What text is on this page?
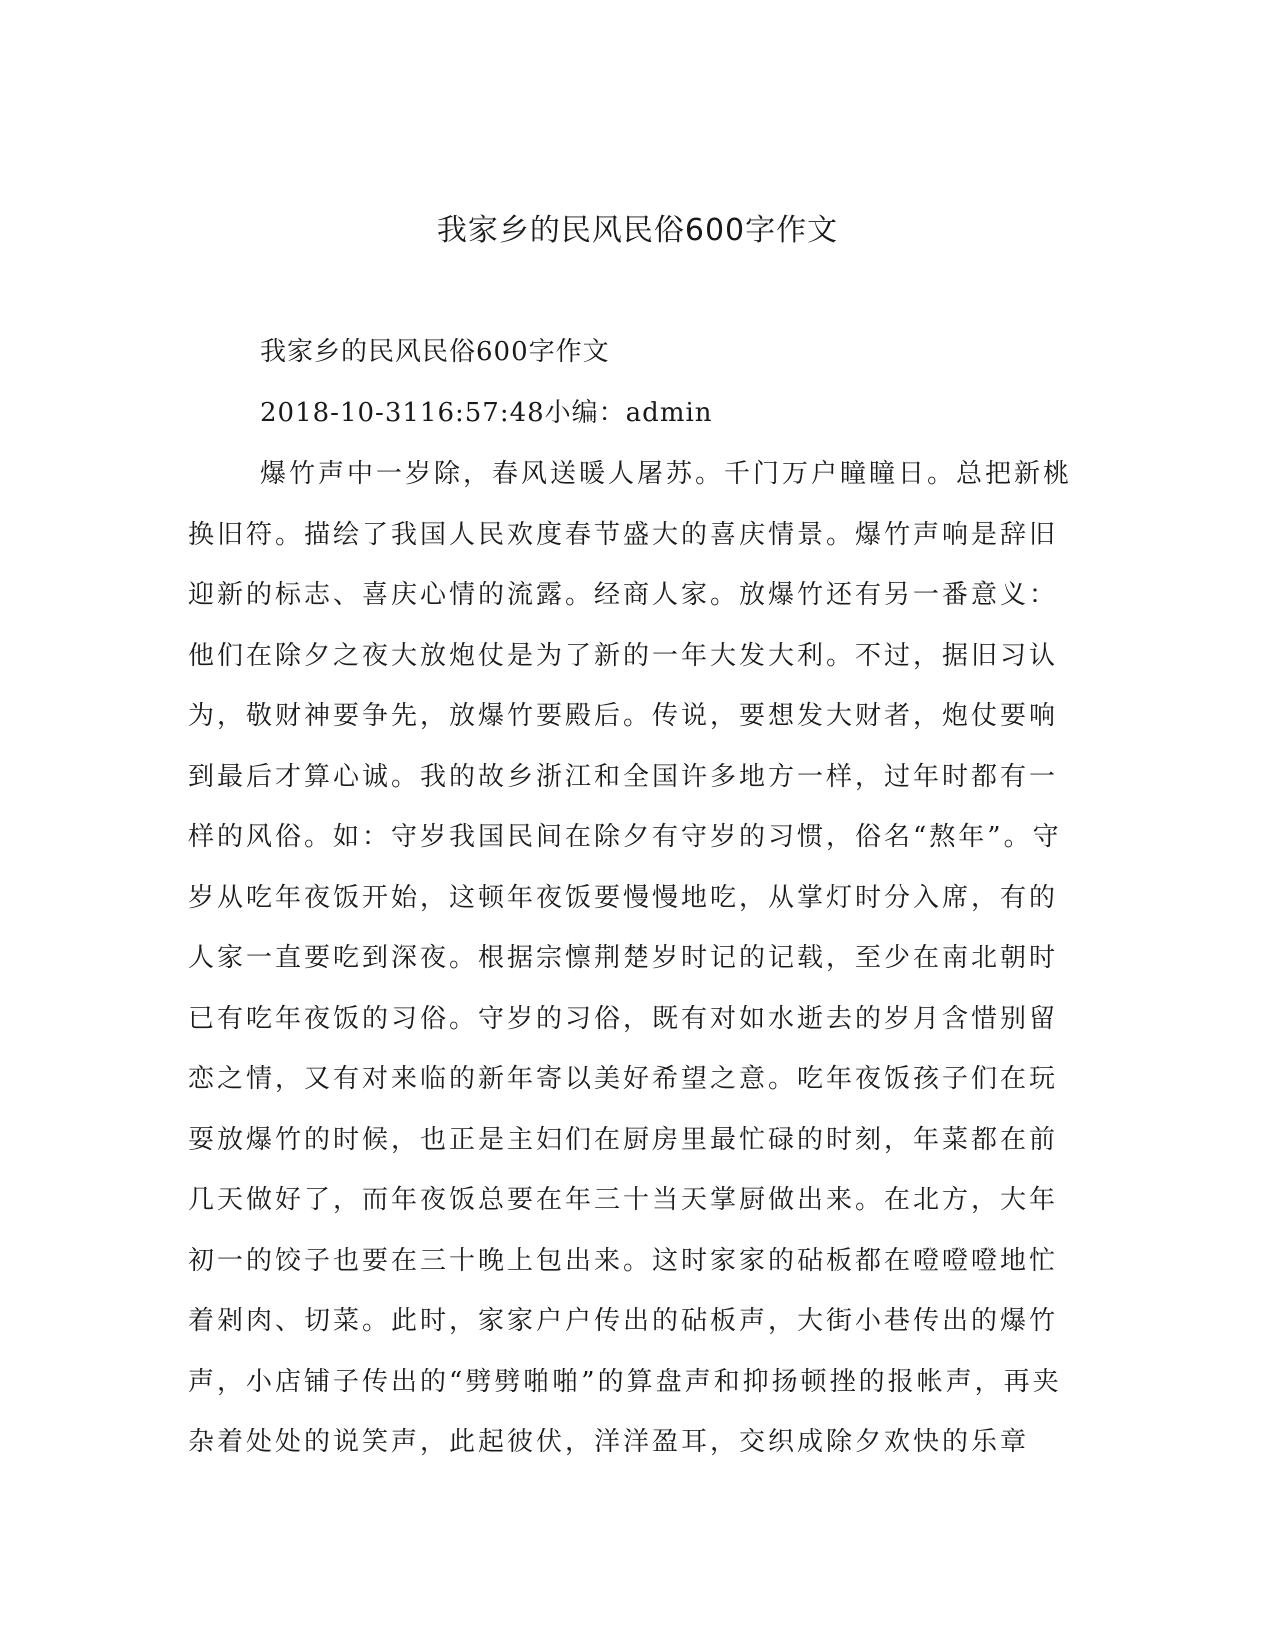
我家乡的民风民俗600字作文

我家乡的民风民俗600字作文

2018-10-3116:57:48小编：admin

爆竹声中一岁除，春风送暖人屠苏。千门万户瞳瞳日。总把新桃

换旧符。描绘了我国人民欢度春节盛大的喜庆情景。爆竹声响是辞旧

迎新的标志、喜庆心情的流露。经商人家。放爆竹还有另一番意义：

他们在除夕之夜大放炮仗是为了新的一年大发大利。不过，据旧习认

为，敬财神要争先，放爆竹要殿后。传说，要想发大财者，炮仗要响

到最后才算心诚。我的故乡浙江和全国许多地方一样，过年时都有一

样的风俗。如：守岁我国民间在除夕有守岁的习惯，俗名“熬年”。守

岁从吃年夜饭开始，这顿年夜饭要慢慢地吃，从掌灯时分入席，有的

人家一直要吃到深夜。根据宗懔荆楚岁时记的记载，至少在南北朝时

已有吃年夜饭的习俗。守岁的习俗，既有对如水逝去的岁月含惜别留

恋之情，又有对来临的新年寄以美好希望之意。吃年夜饭孩子们在玩

耍放爆竹的时候，也正是主妇们在厨房里最忙碌的时刻，年菜都在前

几天做好了，而年夜饭总要在年三十当天掌厨做出来。在北方，大年

初一的饺子也要在三十晚上包出来。这时家家的砧板都在噔噔噔地忙

着剁肉、切菜。此时，家家户户传出的砧板声，大街小巷传出的爆竹

声，小店铺子传出的“劈劈啪啪”的算盘声和抑扬顿挫的报帐声，再夹

杂着处处的说笑声，此起彼伏，洋洋盈耳，交织成除夕欢快的乐章
